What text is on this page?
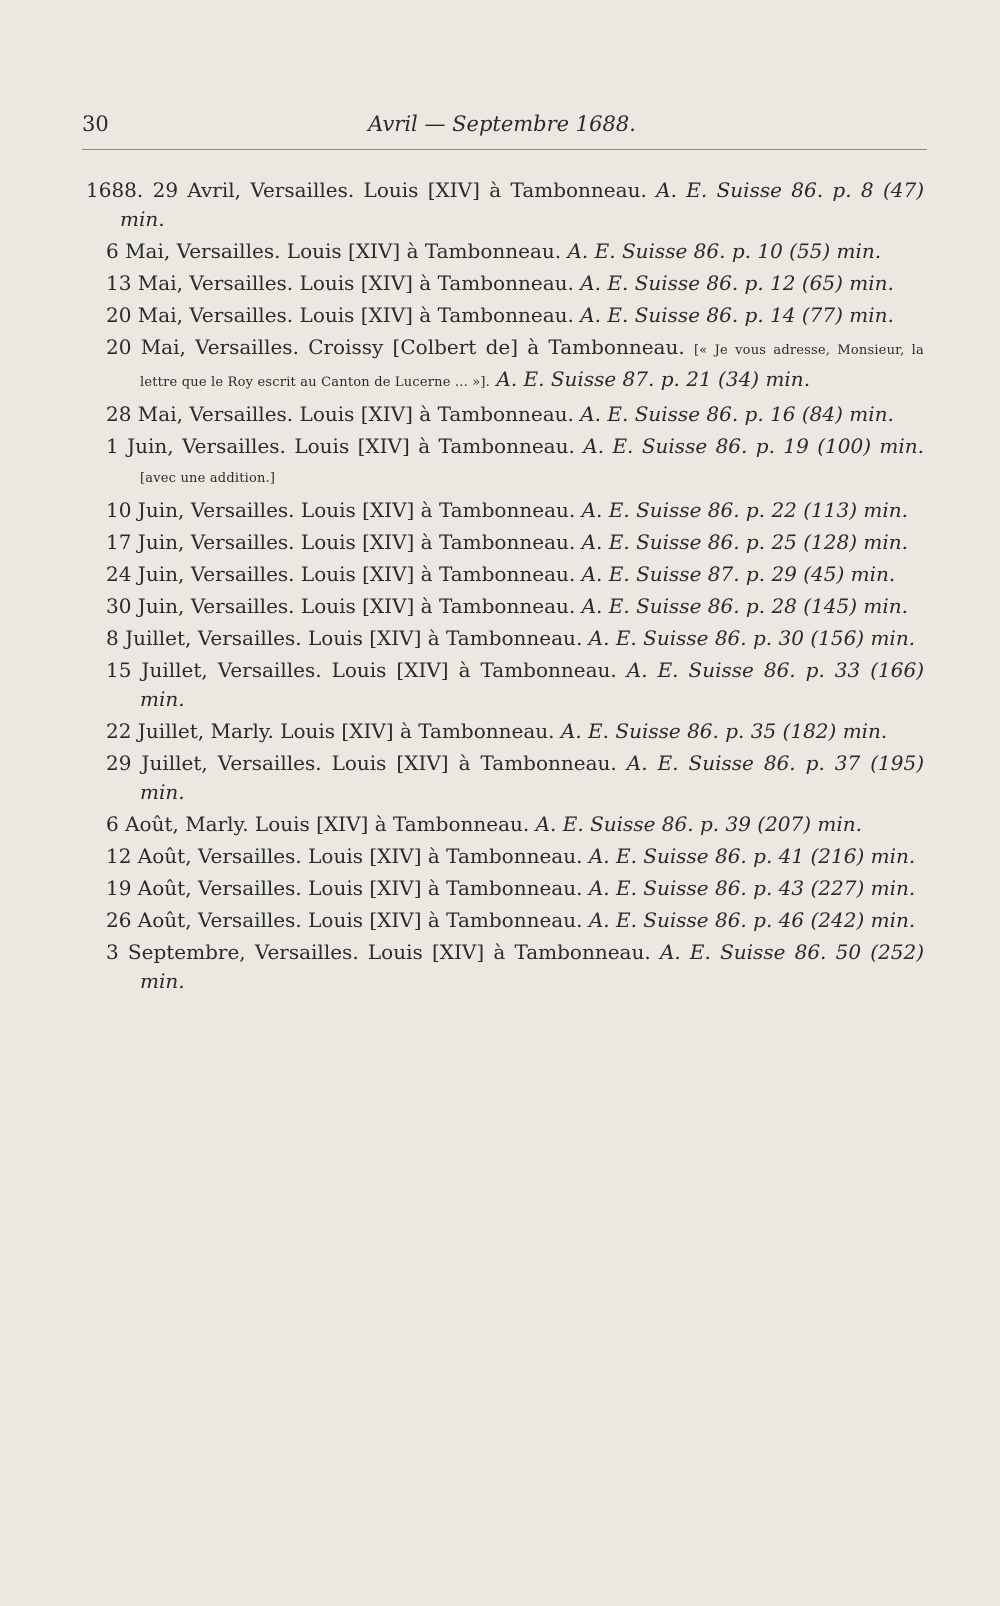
30	Avril — Septembre 1688.

1688. 29 Avril, Versailles. Louis [XIV] à Tambonneau. A. E. Suisse 86. p. 8 (47) min.

6 Mai, Versailles. Louis [XIV] à Tambonneau. A. E. Suisse 86. p. 10 (55) min.

13 Mai, Versailles. Louis [XIV] à Tambonneau. A. E. Suisse 86. p. 12 (65) min.

20 Mai, Versailles. Louis [XIV] à Tambonneau. A. E. Suisse 86. p. 14 (77) min.

20 Mai, Versailles. Croissy [Colbert de] à Tambonneau. [« Je vous adresse, Monsieur, la lettre que le Roy escrit au Canton de Lucerne ... »]. A. E. Suisse 87. p. 21 (34) min.

28 Mai, Versailles. Louis [XIV] à Tambonneau. A. E. Suisse 86. p. 16 (84) min.

1 Juin, Versailles. Louis [XIV] à Tambonneau. A. E. Suisse 86. p. 19 (100) min. [avec une addition.]

10 Juin, Versailles. Louis [XIV] à Tambonneau. A. E. Suisse 86. p. 22 (113) min.

17 Juin, Versailles. Louis [XIV] à Tambonneau. A. E. Suisse 86. p. 25 (128) min.

24 Juin, Versailles. Louis [XIV] à Tambonneau. A. E. Suisse 87. p. 29 (45) min.

30 Juin, Versailles. Louis [XIV] à Tambonneau. A. E. Suisse 86. p. 28 (145) min.

8 Juillet, Versailles. Louis [XIV] à Tambonneau. A. E. Suisse 86. p. 30 (156) min.

15 Juillet, Versailles. Louis [XIV] à Tambonneau. A. E. Suisse 86. p. 33 (166) min.

22 Juillet, Marly. Louis [XIV] à Tambonneau. A. E. Suisse 86. p. 35 (182) min.

29 Juillet, Versailles. Louis [XIV] à Tambonneau. A. E. Suisse 86. p. 37 (195) min.

6 Août, Marly. Louis [XIV] à Tambonneau. A. E. Suisse 86. p. 39 (207) min.

12 Août, Versailles. Louis [XIV] à Tambonneau. A. E. Suisse 86. p. 41 (216) min.

19 Août, Versailles. Louis [XIV] à Tambonneau. A. E. Suisse 86. p. 43 (227) min.

26 Août, Versailles. Louis [XIV] à Tambonneau. A. E. Suisse 86. p. 46 (242) min.

3 Septembre, Versailles. Louis [XIV] à Tambonneau. A. E. Suisse 86. 50 (252) min.
